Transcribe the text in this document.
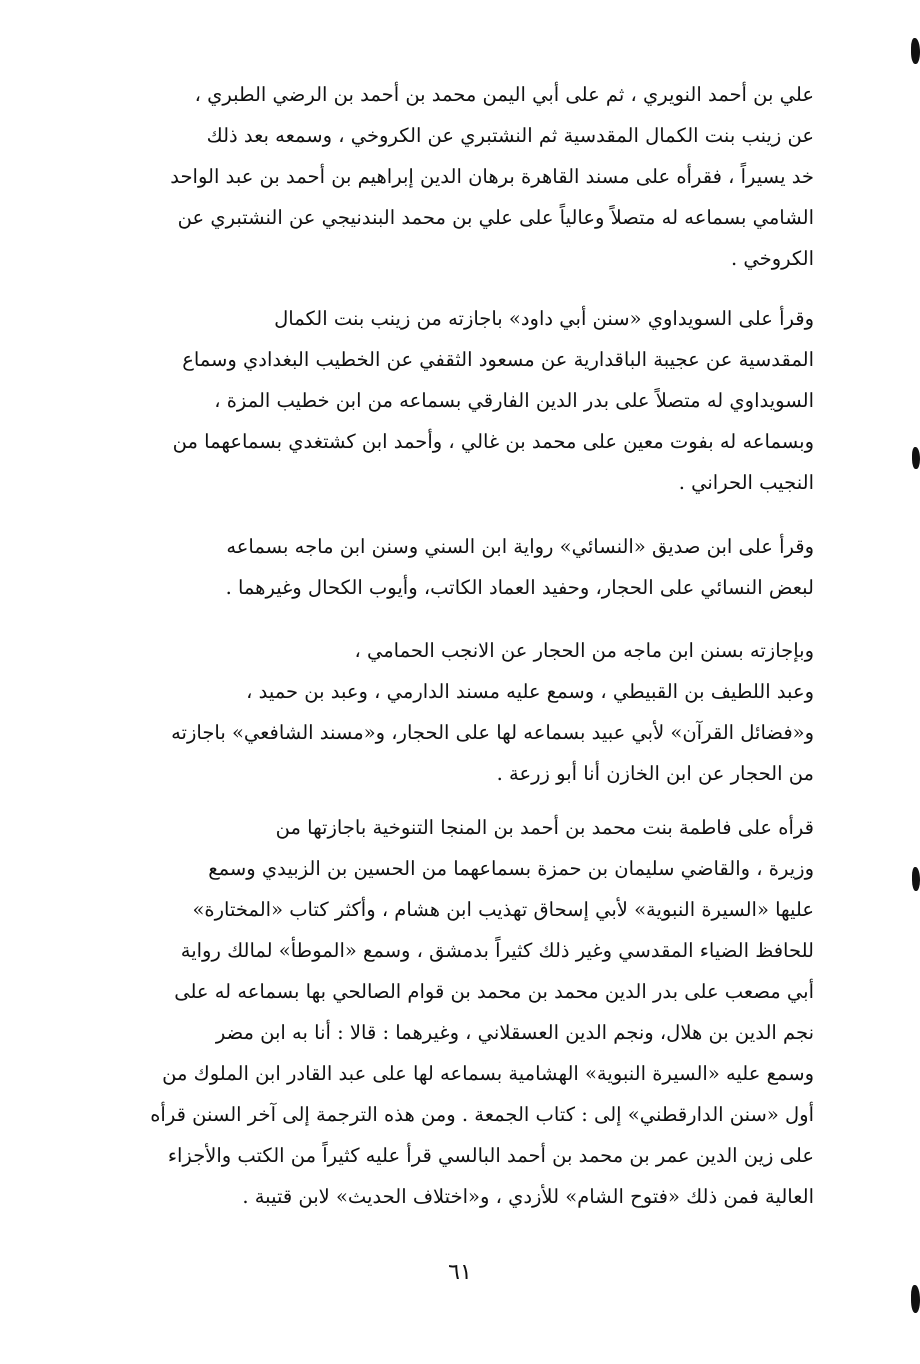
علي بن أحمد النويري ، ثم على أبي اليمن محمد بن أحمد بن الرضي الطبري ،
عن زينب بنت الكمال المقدسية ثم النشتبري عن الكروخي ، وسمعه بعد ذلك
خد يسيراً ، فقرأه على مسند القاهرة برهان الدين إبراهيم بن أحمد بن عبد الواحد
الشامي بسماعه له متصلاً وعالياً على علي بن محمد البندنيجي عن النشتبري عن
الكروخي .

وقرأ على السويداوي «سنن أبي داود» باجازته من زينب بنت الكمال
المقدسية عن عجيبة الباقدارية عن مسعود الثقفي عن الخطيب البغدادي وسماع
السويداوي له متصلاً على بدر الدين الفارقي بسماعه من ابن خطيب المزة ،
وبسماعه له بفوت معين على محمد بن غالي ، وأحمد ابن كشتغدي بسماعهما من
النجيب الحراني .

وقرأ على ابن صديق «النسائي» رواية ابن السني وسنن ابن ماجه بسماعه
لبعض النسائي على الحجار، وحفيد العماد الكاتب، وأيوب الكحال وغيرهما .

وبإجازته بسنن ابن ماجه من الحجار عن الانجب الحمامي ،
وعبد اللطيف بن القبيطي ، وسمع عليه مسند الدارمي ، وعبد بن حميد ،
و«فضائل القرآن» لأبي عبيد بسماعه لها على الحجار، و«مسند الشافعي» باجازته
من الحجار عن ابن الخازن أنا أبو زرعة .

قرأه على فاطمة بنت محمد بن أحمد بن المنجا التنوخية باجازتها من
وزيرة ، والقاضي سليمان بن حمزة بسماعهما من الحسين بن الزبيدي وسمع
عليها «السيرة النبوية» لأبي إسحاق تهذيب ابن هشام ، وأكثر كتاب «المختارة»
للحافظ الضياء المقدسي وغير ذلك كثيراً بدمشق ، وسمع «الموطأ» لمالك رواية
أبي مصعب على بدر الدين محمد بن محمد بن قوام الصالحي بها بسماعه له على
نجم الدين بن هلال، ونجم الدين العسقلاني ، وغيرهما : قالا : أنا به ابن مضر
وسمع عليه «السيرة النبوية» الهشامية بسماعه لها على عبد القادر ابن الملوك من
أول «سنن الدارقطني» إلى : كتاب الجمعة . ومن هذه الترجمة إلى آخر السنن قرأه
على زين الدين عمر بن محمد بن أحمد البالسي قرأ عليه كثيراً من الكتب والأجزاء
العالية فمن ذلك «فتوح الشام» للأزدي ، و«اختلاف الحديث» لابن قتيبة .

٦١
